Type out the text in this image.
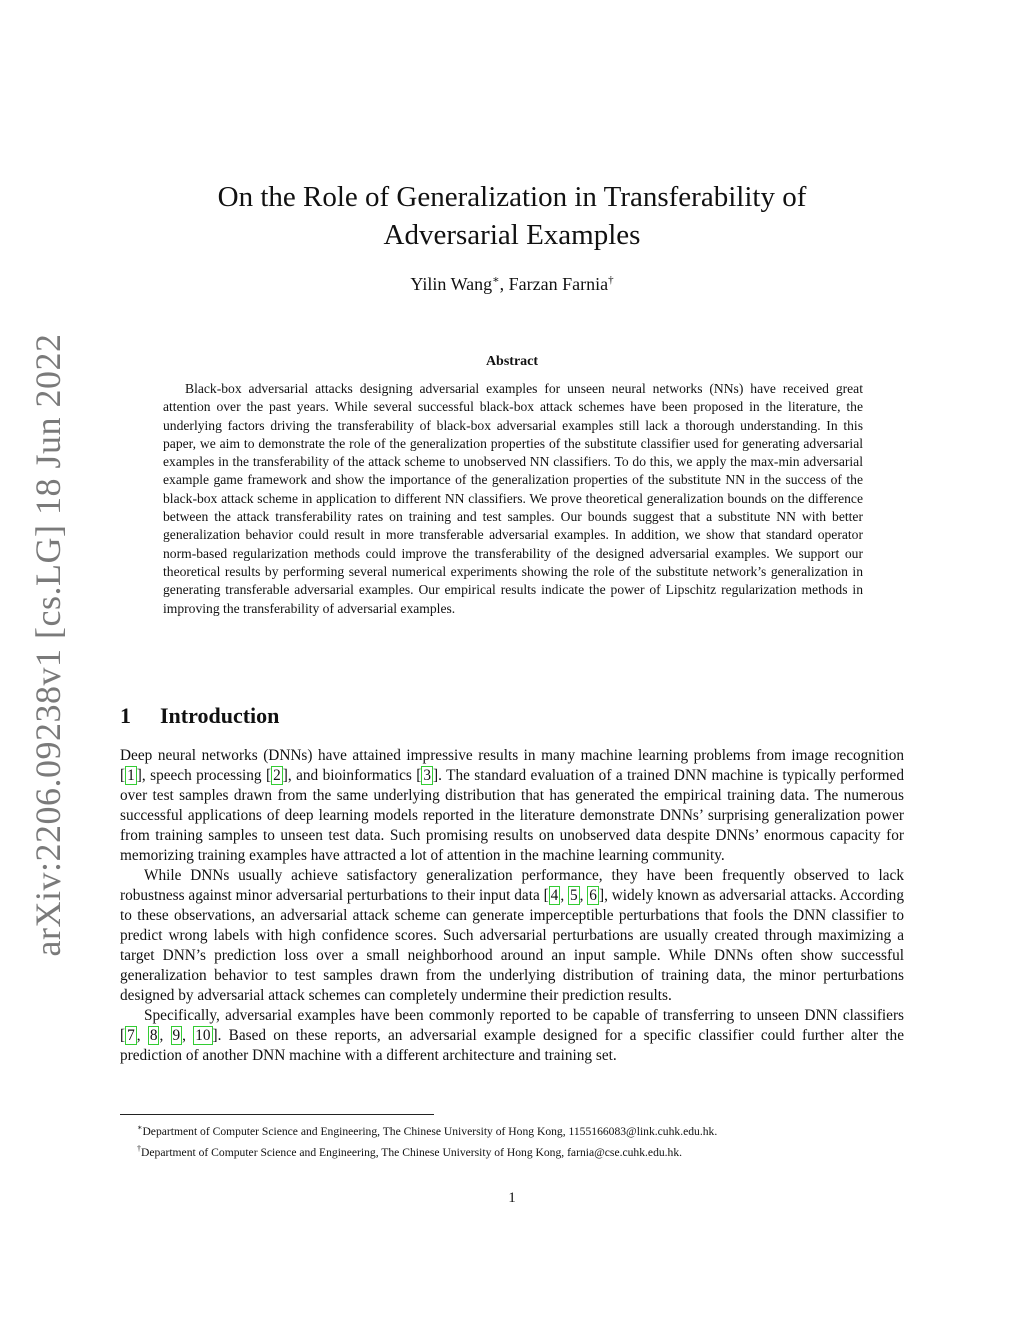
arXiv:2206.09238v1 [cs.LG] 18 Jun 2022
On the Role of Generalization in Transferability of
Adversarial Examples
Yilin Wang∗, Farzan Farnia†
Abstract

Black-box adversarial attacks designing adversarial examples for unseen neural networks (NNs) have received great attention over the past years. While several successful black-box attack schemes have been proposed in the literature, the underlying factors driving the transferability of black-box adversarial examples still lack a thorough understanding. In this paper, we aim to demonstrate the role of the generalization properties of the substitute classifier used for generating adversarial examples in the transferability of the attack scheme to unobserved NN classifiers. To do this, we apply the max-min adversarial example game framework and show the importance of the generalization properties of the substitute NN in the success of the black-box attack scheme in application to different NN classifiers. We prove theoretical generalization bounds on the difference between the attack transferability rates on training and test samples. Our bounds suggest that a substitute NN with better generalization behavior could result in more transferable adversarial examples. In addition, we show that standard operator norm-based regularization methods could improve the transferability of the designed adversarial examples. We support our theoretical results by performing several numerical experiments showing the role of the substitute network’s generalization in generating transferable adversarial examples. Our empirical results indicate the power of Lipschitz regularization methods in improving the transferability of adversarial examples.

1 Introduction

Deep neural networks (DNNs) have attained impressive results in many machine learning problems from image recognition [ 1 ], speech processing [ 2 ], and bioinformatics [ 3 ]. The standard evaluation of a trained DNN machine is typically performed over test samples drawn from the same underlying distribution that has generated the empirical training data. The numerous successful applications of deep learning models reported in the literature demonstrate DNNs’ surprising generalization power from training samples to unseen test data. Such promising results on unobserved data despite DNNs’ enormous capacity for memorizing training examples have attracted a lot of attention in the machine learning community.

While DNNs usually achieve satisfactory generalization performance, they have been frequently observed to lack robustness against minor adversarial perturbations to their input data [ 4 , 5 , 6 ], widely known as adversarial attacks. According to these observations, an adversarial attack scheme can generate imperceptible perturbations that fools the DNN classifier to predict wrong labels with high confidence scores. Such adversarial perturbations are usually created through maximizing a target DNN’s prediction loss over a small neighborhood around an input sample. While DNNs often show successful generalization behavior to test samples drawn from the underlying distribution of training data, the minor perturbations designed by adversarial attack schemes can completely undermine their prediction results.

Specifically, adversarial examples have been commonly reported to be capable of transferring to unseen DNN classifiers [ 7 , 8 , 9 , 10 ]. Based on these reports, an adversarial example designed for a specific classifier could further alter the prediction of another DNN machine with a different architecture and training set.

∗Department of Computer Science and Engineering, The Chinese University of Hong Kong, 1155166083@link.cuhk.edu.hk.

†Department of Computer Science and Engineering, The Chinese University of Hong Kong, farnia@cse.cuhk.edu.hk.

1
